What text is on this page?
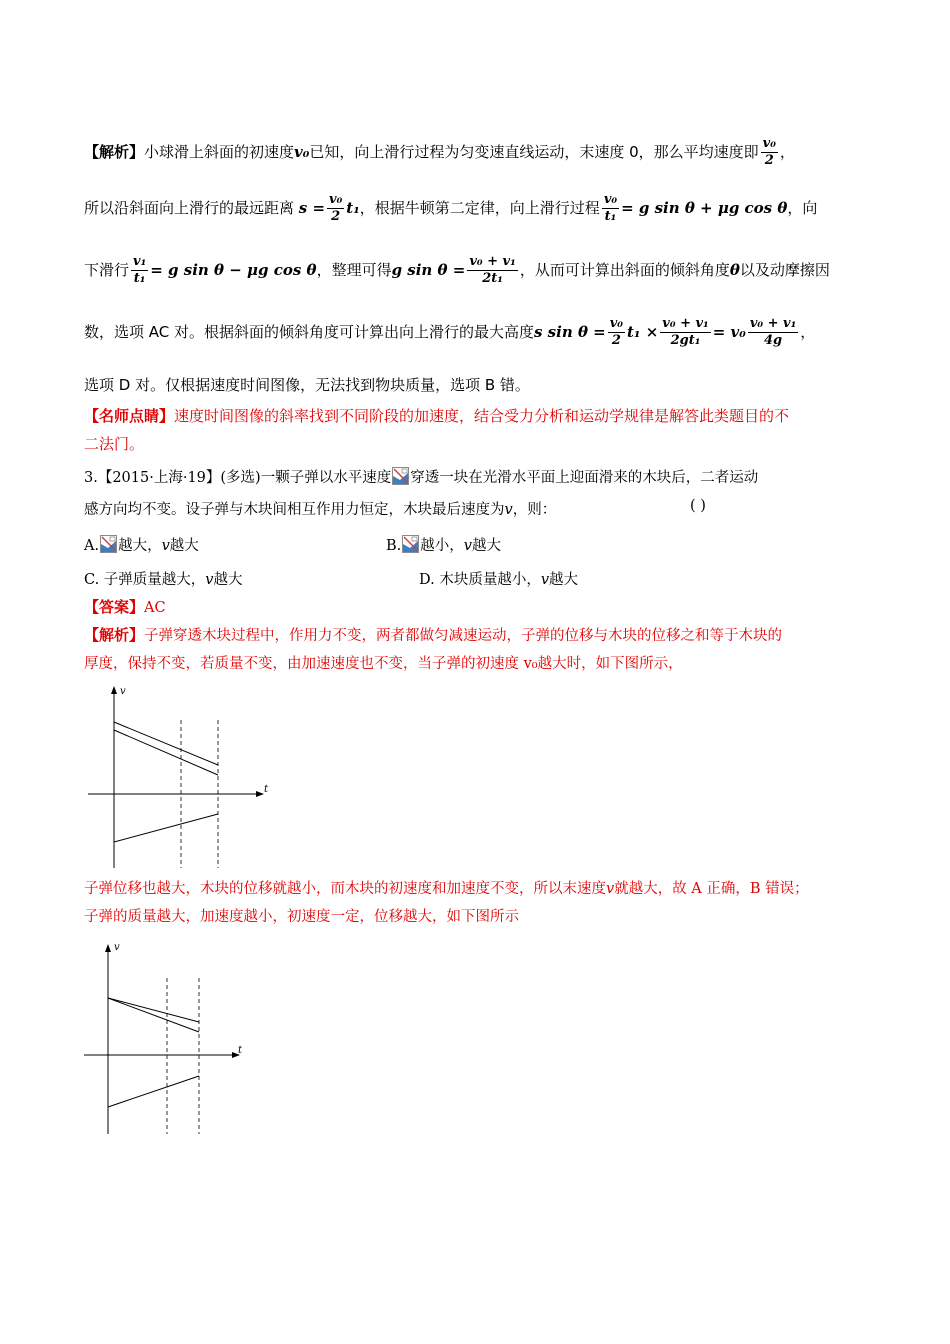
【解析】小球滑上斜面的初速度v₀已知，向上滑行过程为匀变速直线运动，末速度 0，那么平均速度即 $\frac{\text{v₀}}{2}$ ，
所以沿斜面向上滑行的最远距离 $s = \frac{\text{v₀}}{2} t_1$，根据牛顿第二定律，向上滑行过程 $\frac{\text{v₀}}{\text{t₁}} = g$ sin θ + μg cos θ，向
下滑行 $\frac{\text{v₁}}{\text{t₁}} = g$ sin θ − μg cos θ，整理可得g $\sin \theta = \frac{\text{v₀ + v₁}}{\text{2t₁}}$ ，从而可计算出斜面的倾斜角度θ以及动摩擦因
数，选项 AC 对。根据斜面的倾斜角度可计算出向上滑行的最大高度s $\sin \theta = \frac{\text{v₀}}{2} t_1 \times \frac{\text{v₀ + v₁}}{\text{2gt₁}} = v_0 \frac{\text{v₀ + v₁}}{4g}$ ，
选项 D 对。仅根据速度时间图像，无法找到物块质量，选项 B 错。
【名师点睛】速度时间图像的斜率找到不同阶段的加速度，结合受力分析和运动学规律是解答此类题目的不
二法门。
3.【2015·上海·19】(多选)一颗子弹以水平速度 穿透一块在光滑水平面上迎面滑来的木块后，二者运动
感方向均不变。设子弹与木块间相互作用力恒定，木块最后速度为v，则：	( )
A. 越大，v越大	B. 越小，v越大
C. 子弹质量越大，v越大	D. 木块质量越小，v越大
【答案】AC
【解析】子弹穿透木块过程中，作用力不变，两者都做匀减速运动，子弹的位移与木块的位移之和等于木块的
厚度，保持不变，若质量不变，由加速速度也不变，当子弹的初速度 v₀越大时，如下图所示，
v
t
子弹位移也越大，木块的位移就越小，而木块的初速度和加速度不变，所以末速度v就越大，故 A 正确，B 错误；
子弹的质量越大，加速度越小，初速度一定，位移越大，如下图所示
v
t
